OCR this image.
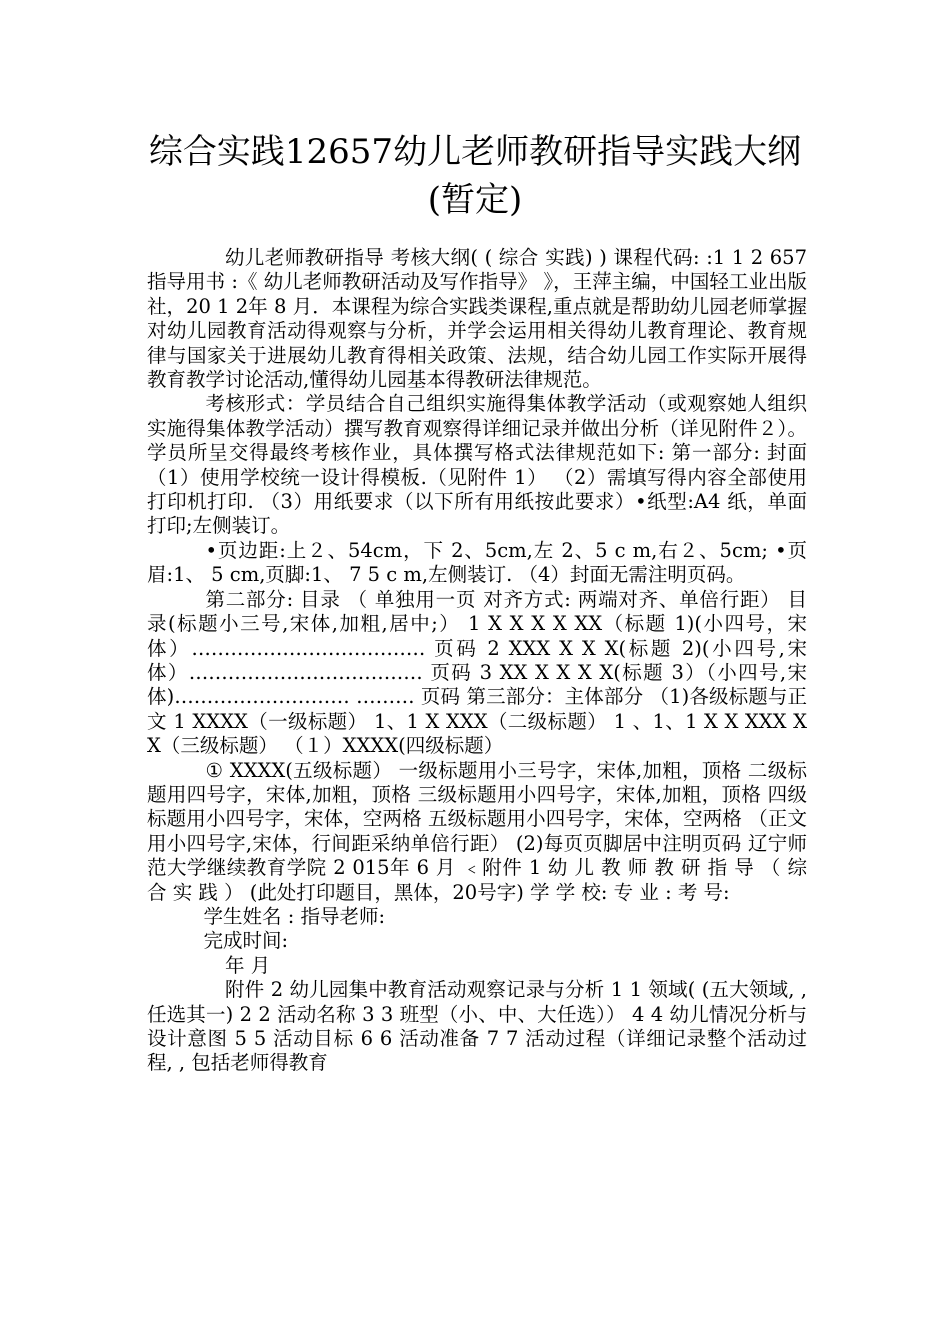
综合实践12657幼儿老师教研指导实践大纲(暂定)

幼儿老师教研指导 考核大纲( ( 综合 实践) ) 课程代码: :1 1 2 657 指导用书 :《 幼儿老师教研活动及写作指导》 》，王萍主编，中国轻工业出版社，20 1 2年 8 月．本课程为综合实践类课程,重点就是帮助幼儿园老师掌握对幼儿园教育活动得观察与分析，并学会运用相关得幼儿教育理论、教育规律与国家关于进展幼儿教育得相关政策、法规，结合幼儿园工作实际开展得教育教学讨论活动,懂得幼儿园基本得教研法律规范。

考核形式：学员结合自己组织实施得集体教学活动（或观察她人组织实施得集体教学活动）撰写教育观察得详细记录并做出分析（详见附件２）。学员所呈交得最终考核作业，具体撰写格式法律规范如下: 第一部分: 封面 （1）使用学校统一设计得模板.（见附件 1） （2）需填写得内容全部使用打印机打印. （3）用纸要求（以下所有用纸按此要求）•纸型:A4 纸，单面打印;左侧装订。

•页边距:上２、54cm，下 2、5cm,左 2、5 c m,右２、5cm; •页眉:1、 5 cm,页脚:1、 7 5 c m,左侧装订. （4）封面无需注明页码。

第二部分: 目录 （ 单独用一页 对齐方式: 两端对齐、单倍行距） 目 录(标题小三号,宋体,加粗,居中;） 1 X X X X XX（标题 1)(小四号，宋体）……………………………… 页码 2 XXX X X X(标题 2)(小四号,宋体）……………………………… 页码 3 XX X X X X(标题 3）（小四号,宋体)……………………… ……… 页码 第三部分：主体部分 （1)各级标题与正文 1 XXXX（一级标题） 1、1 X XXX（二级标题） 1 、1、1 X X XXX X X（三级标题） （１）XXXX(四级标题）

① XXXX(五级标题） 一级标题用小三号字，宋体,加粗，顶格 二级标题用四号字，宋体,加粗，顶格 三级标题用小四号字，宋体,加粗，顶格 四级标题用小四号字，宋体，空两格 五级标题用小四号字，宋体，空两格 （正文用小四号字,宋体，行间距采纳单倍行距） (2)每页页脚居中注明页码 辽宁师范大学继续教育学院 2 015年 6 月 ﹤附件 1 幼 儿 教 师 教 研 指 导 （ 综 合 实 践 ） (此处打印题目，黑体，20号字) 学 学 校: 专 业 : 考 号:

学生姓名 : 指导老师:

完成时间:

年 月

附件 2 幼儿园集中教育活动观察记录与分析 1 1 领域( (五大领域, , 任选其一) 2 2 活动名称 3 3 班型（小、中、大任选）） 4 4 幼儿情况分析与设计意图 5 5 活动目标 6 6 活动准备 7 7 活动过程（详细记录整个活动过程, , 包括老师得教育
